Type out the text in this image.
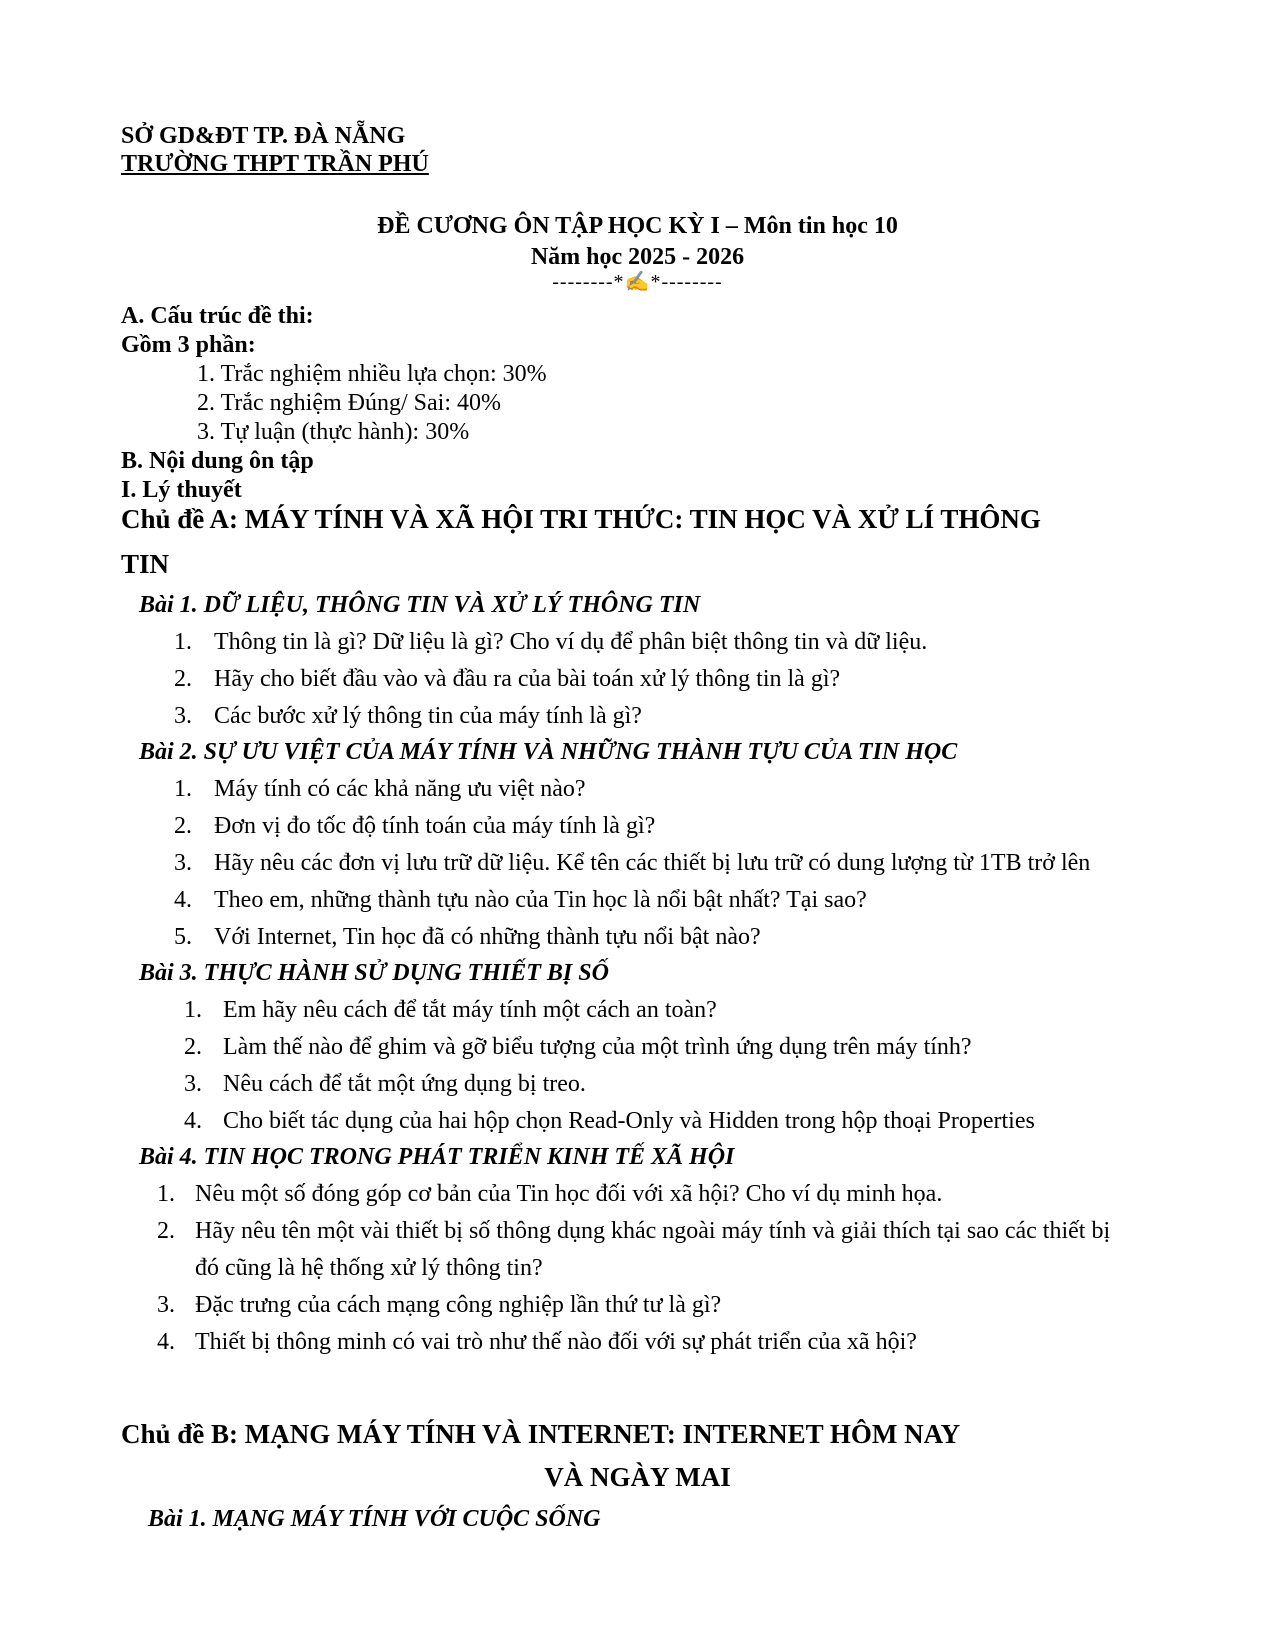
SỞ GD&ĐT TP. ĐÀ NẴNG
TRƯỜNG THPT TRẦN PHÚ
ĐỀ CƯƠNG ÔN TẬP HỌC KỲ I – Môn tin học 10
Năm học 2025 - 2026
--------*✍*--------
A. Cấu trúc đề thi:
Gồm 3 phần:
1. Trắc nghiệm nhiều lựa chọn: 30%
2. Trắc nghiệm Đúng/ Sai: 40%
3. Tự luận (thực hành): 30%
B. Nội dung ôn tập
I. Lý thuyết
Chủ đề A: MÁY TÍNH VÀ XÃ HỘI TRI THỨC: TIN HỌC VÀ XỬ LÍ THÔNG
TIN
Bài 1. DỮ LIỆU, THÔNG TIN VÀ XỬ LÝ THÔNG TIN
1. Thông tin là gì? Dữ liệu là gì? Cho ví dụ để phân biệt thông tin và dữ liệu.
2. Hãy cho biết đầu vào và đầu ra của bài toán xử lý thông tin là gì?
3. Các bước xử lý thông tin của máy tính là gì?
Bài 2. SỰ ƯU VIỆT CỦA MÁY TÍNH VÀ NHỮNG THÀNH TỰU CỦA TIN HỌC
1. Máy tính có các khả năng ưu việt nào?
2. Đơn vị đo tốc độ tính toán của máy tính là gì?
3. Hãy nêu các đơn vị lưu trữ dữ liệu. Kể tên các thiết bị lưu trữ có dung lượng từ 1TB trở lên
4. Theo em, những thành tựu nào của Tin học là nổi bật nhất? Tại sao?
5. Với Internet, Tin học đã có những thành tựu nổi bật nào?
Bài 3. THỰC HÀNH SỬ DỤNG THIẾT BỊ SỐ
1. Em hãy nêu cách để tắt máy tính một cách an toàn?
2. Làm thế nào để ghim và gỡ biểu tượng của một trình ứng dụng trên máy tính?
3. Nêu cách để tắt một ứng dụng bị treo.
4. Cho biết tác dụng của hai hộp chọn Read-Only và Hidden trong hộp thoại Properties
Bài 4. TIN HỌC TRONG PHÁT TRIỂN KINH TẾ XÃ HỘI
1. Nêu một số đóng góp cơ bản của Tin học đối với xã hội? Cho ví dụ minh họa.
2. Hãy nêu tên một vài thiết bị số thông dụng khác ngoài máy tính và giải thích tại sao các thiết bị
đó cũng là hệ thống xử lý thông tin?
3. Đặc trưng của cách mạng công nghiệp lần thứ tư là gì?
4. Thiết bị thông minh có vai trò như thế nào đối với sự phát triển của xã hội?
Chủ đề B: MẠNG MÁY TÍNH VÀ INTERNET: INTERNET HÔM NAY
VÀ NGÀY MAI
Bài 1. MẠNG MÁY TÍNH VỚI CUỘC SỐNG
